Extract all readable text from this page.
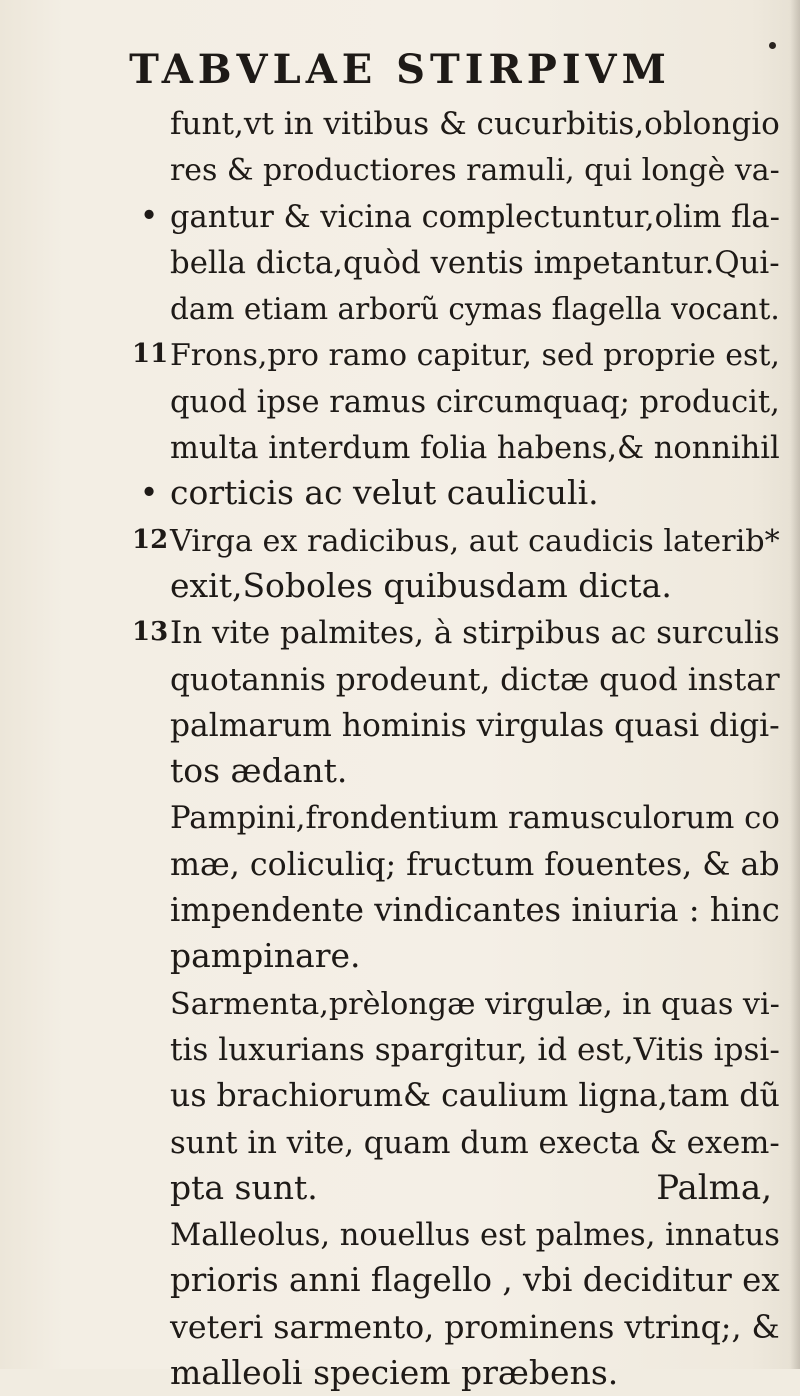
TABVLAE STIRPIVM
funt,vt in vitibus & cucurbitis,oblongio
res & productiores ramuli, qui longè va-
• gantur & vicina complectuntur,olim fla-
bella dicta,quòd ventis impetantur.Qui-
dam etiam arborũ cymas flagella vocant.
11 Frons,pro ramo capitur, sed proprie est,
quod ipse ramus circumquaq; producit,
multa interdum folia habens,& nonnihil
• corticis ac velut cauliculi.
12 Virga ex radicibus, aut caudicis laterib*
exit,Soboles quibusdam dicta.
13 In vite palmites, à stirpibus ac surculis
quotannis prodeunt, dictæ quod instar
palmarum hominis virgulas quasi digi-
tos ædant.
Pampini,frondentium ramusculorum co
mæ, coliculiq; fructum fouentes, & ab
impendente vindicantes iniuria : hinc
pampinare.
Sarmenta,prèlongæ virgulæ, in quas vi-
tis luxurians spargitur, id est,Vitis ipsi-
us brachiorum& caulium ligna,tam dũ
sunt in vite, quam dum execta & exem-
pta sunt.
Malleolus, nouellus est palmes, innatus
prioris anni flagello , vbi deciditur ex
veteri sarmento, prominens vtrinq;, &
malleoli speciem præbens.
Palma,
